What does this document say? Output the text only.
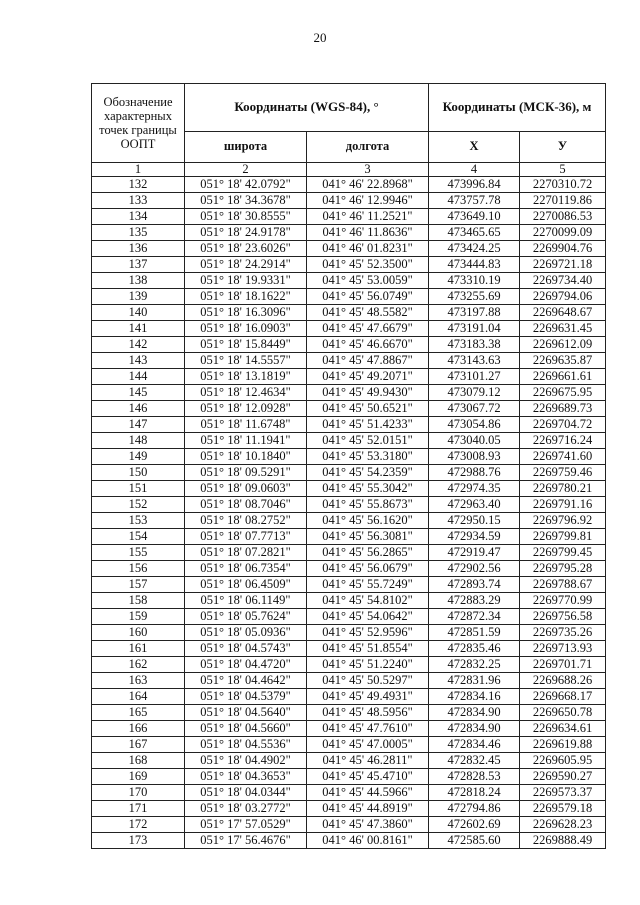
20
Обозначение характерных точек границы ООПТ	Координаты (WGS-84), °		Координаты (МСК-36), м	
	широта	долгота	X	У
1	2	3	4	5
132	051° 18' 42.0792"	041° 46' 22.8968"	473996.84	2270310.72
133	051° 18' 34.3678"	041° 46' 12.9946"	473757.78	2270119.86
134	051° 18' 30.8555"	041° 46' 11.2521"	473649.10	2270086.53
135	051° 18' 24.9178"	041° 46' 11.8636"	473465.65	2270099.09
136	051° 18' 23.6026"	041° 46' 01.8231"	473424.25	2269904.76
137	051° 18' 24.2914"	041° 45' 52.3500"	473444.83	2269721.18
138	051° 18' 19.9331"	041° 45' 53.0059"	473310.19	2269734.40
139	051° 18' 18.1622"	041° 45' 56.0749"	473255.69	2269794.06
140	051° 18' 16.3096"	041° 45' 48.5582"	473197.88	2269648.67
141	051° 18' 16.0903"	041° 45' 47.6679"	473191.04	2269631.45
142	051° 18' 15.8449"	041° 45' 46.6670"	473183.38	2269612.09
143	051° 18' 14.5557"	041° 45' 47.8867"	473143.63	2269635.87
144	051° 18' 13.1819"	041° 45' 49.2071"	473101.27	2269661.61
145	051° 18' 12.4634"	041° 45' 49.9430"	473079.12	2269675.95
146	051° 18' 12.0928"	041° 45' 50.6521"	473067.72	2269689.73
147	051° 18' 11.6748"	041° 45' 51.4233"	473054.86	2269704.72
148	051° 18' 11.1941"	041° 45' 52.0151"	473040.05	2269716.24
149	051° 18' 10.1840"	041° 45' 53.3180"	473008.93	2269741.60
150	051° 18' 09.5291"	041° 45' 54.2359"	472988.76	2269759.46
151	051° 18' 09.0603"	041° 45' 55.3042"	472974.35	2269780.21
152	051° 18' 08.7046"	041° 45' 55.8673"	472963.40	2269791.16
153	051° 18' 08.2752"	041° 45' 56.1620"	472950.15	2269796.92
154	051° 18' 07.7713"	041° 45' 56.3081"	472934.59	2269799.81
155	051° 18' 07.2821"	041° 45' 56.2865"	472919.47	2269799.45
156	051° 18' 06.7354"	041° 45' 56.0679"	472902.56	2269795.28
157	051° 18' 06.4509"	041° 45' 55.7249"	472893.74	2269788.67
158	051° 18' 06.1149"	041° 45' 54.8102"	472883.29	2269770.99
159	051° 18' 05.7624"	041° 45' 54.0642"	472872.34	2269756.58
160	051° 18' 05.0936"	041° 45' 52.9596"	472851.59	2269735.26
161	051° 18' 04.5743"	041° 45' 51.8554"	472835.46	2269713.93
162	051° 18' 04.4720"	041° 45' 51.2240"	472832.25	2269701.71
163	051° 18' 04.4642"	041° 45' 50.5297"	472831.96	2269688.26
164	051° 18' 04.5379"	041° 45' 49.4931"	472834.16	2269668.17
165	051° 18' 04.5640"	041° 45' 48.5956"	472834.90	2269650.78
166	051° 18' 04.5660"	041° 45' 47.7610"	472834.90	2269634.61
167	051° 18' 04.5536"	041° 45' 47.0005"	472834.46	2269619.88
168	051° 18' 04.4902"	041° 45' 46.2811"	472832.45	2269605.95
169	051° 18' 04.3653"	041° 45' 45.4710"	472828.53	2269590.27
170	051° 18' 04.0344"	041° 45' 44.5966"	472818.24	2269573.37
171	051° 18' 03.2772"	041° 45' 44.8919"	472794.86	2269579.18
172	051° 17' 57.0529"	041° 45' 47.3860"	472602.69	2269628.23
173	051° 17' 56.4676"	041° 46' 00.8161"	472585.60	2269888.49
